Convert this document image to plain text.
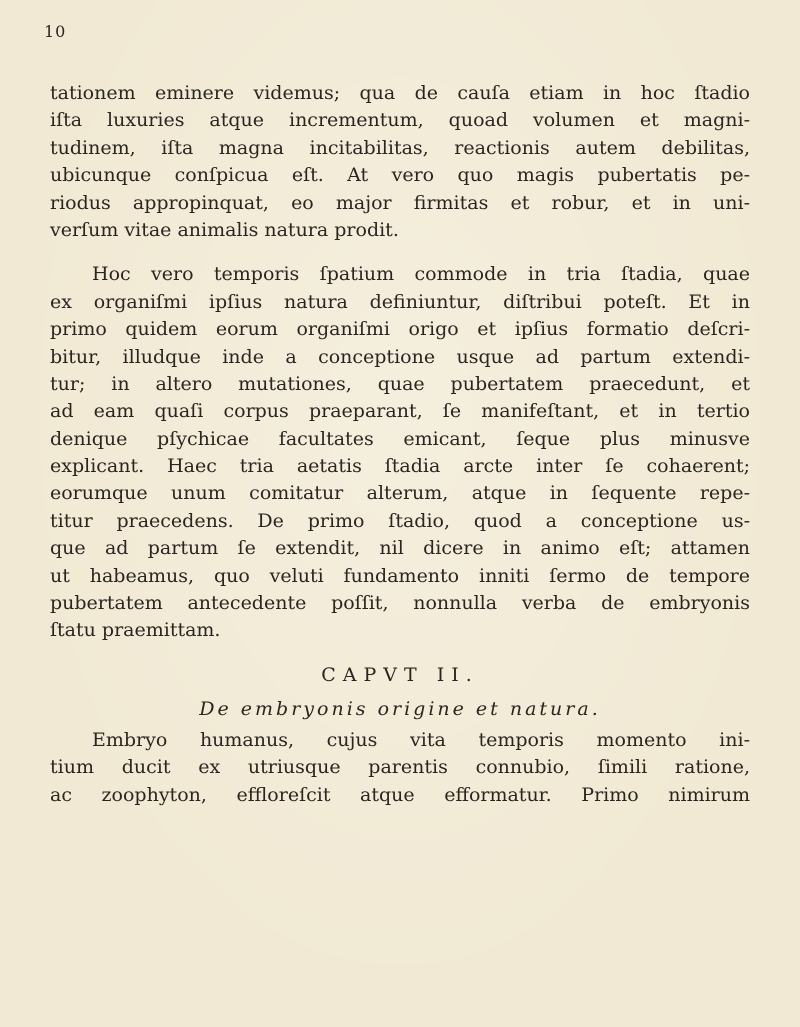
10
tationem eminere videmus; qua de cauſa etiam in hoc ſtadio
iſta luxuries atque incrementum, quoad volumen et magni-
tudinem, iſta magna incitabilitas, reactionis autem debilitas,
ubicunque conſpicua eſt. At vero quo magis pubertatis pe-
riodus appropinquat, eo major firmitas et robur, et in uni-
verſum vitae animalis natura prodit.
Hoc vero temporis ſpatium commode in tria ſtadia, quae
ex organiſmi ipſius natura definiuntur, diſtribui poteſt. Et in
primo quidem eorum organiſmi origo et ipſius formatio deſcri-
bitur, illudque inde a conceptione usque ad partum extendi-
tur; in altero mutationes, quae pubertatem praecedunt, et
ad eam quaſi corpus praeparant, ſe manifeſtant, et in tertio
denique pſychicae facultates emicant, ſeque plus minusve
explicant. Haec tria aetatis ſtadia arcte inter ſe cohaerent;
eorumque unum comitatur alterum, atque in ſequente repe-
titur praecedens. De primo ſtadio, quod a conceptione us-
que ad partum ſe extendit, nil dicere in animo eſt; attamen
ut habeamus, quo veluti fundamento inniti ſermo de tempore
pubertatem antecedente poſſit, nonnulla verba de embryonis
ſtatu praemittam.
CAPVT II.
De embryonis origine et natura.
Embryo humanus, cujus vita temporis momento ini-
tium ducit ex utriusque parentis connubio, ſimili ratione,
ac zoophyton, effloreſcit atque efformatur. Primo nimirum
